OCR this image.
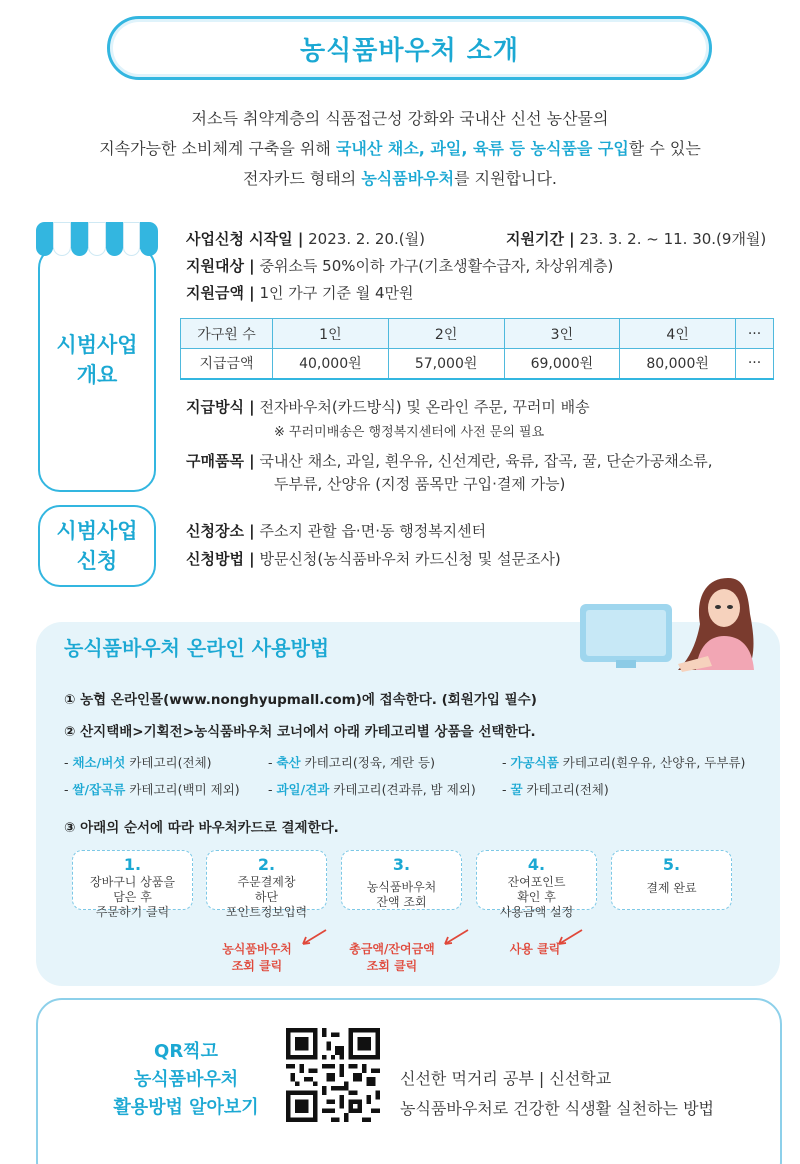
농식품바우처 소개
저소득 취약계층의 식품접근성 강화와 국내산 신선 농산물의
지속가능한 소비체계 구축을 위해 국내산 채소, 과일, 육류 등 농식품을 구입할 수 있는
전자카드 형태의 농식품바우처를 지원합니다.
시범사업
개요
사업신청 시작일 | 2023. 2. 20.(월)	지원기간 | 23. 3. 2. ~ 11. 30.(9개월)
지원대상 | 중위소득 50%이하 가구(기초생활수급자, 차상위계층)
지원금액 | 1인 가구 기준 월 4만원
가구원 수	1인	2인	3인	4인	···
지급금액	40,000원	57,000원	69,000원	80,000원	···
지급방식 | 전자바우처(카드방식) 및 온라인 주문, 꾸러미 배송
※ 꾸러미배송은 행정복지센터에 사전 문의 필요
구매품목 | 국내산 채소, 과일, 흰우유, 신선계란, 육류, 잡곡, 꿀, 단순가공채소류,
두부류, 산양유 (지정 품목만 구입·결제 가능)
시범사업
신청
신청장소 | 주소지 관할 읍·면·동 행정복지센터
신청방법 | 방문신청(농식품바우처 카드신청 및 설문조사)
농식품바우처 온라인 사용방법
① 농협 온라인몰(www.nonghyupmall.com)에 접속한다. (회원가입 필수)
② 산지택배>기획전>농식품바우처 코너에서 아래 카테고리별 상품을 선택한다.
- 채소/버섯 카테고리(전체)	- 축산 카테고리(정육, 계란 등)	- 가공식품 카테고리(흰우유, 산양유, 두부류)
- 쌀/잡곡류 카테고리(백미 제외) - 과일/견과 카테고리(견과류, 밤 제외) - 꿀 카테고리(전체)
③ 아래의 순서에 따라 바우처카드로 결제한다.
1.
장바구니 상품을
담은 후
주문하기 클릭
2.
주문결제창
하단
포인트정보입력
3.
농식품바우처
잔액 조회
4.
잔여포인트
확인 후
사용금액 설정
5.
결제 완료
농식품바우처
조회 클릭
총금액/잔여금액
조회 클릭
사용 클릭
QR찍고
농식품바우처
활용방법 알아보기
신선한 먹거리 공부 | 신선학교
농식품바우처로 건강한 식생활 실천하는 방법
